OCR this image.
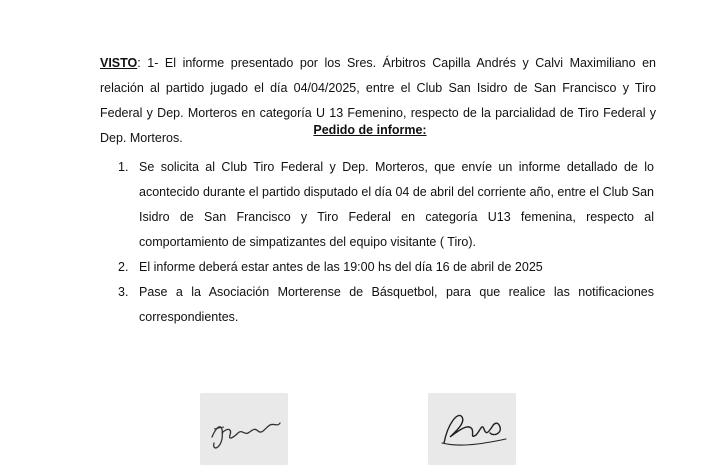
VISTO: 1- El informe presentado por los Sres. Árbitros Capilla Andrés y Calvi Maximiliano en relación al partido jugado el día 04/04/2025, entre el Club San Isidro de San Francisco y Tiro Federal y Dep. Morteros en categoría U 13 Femenino, respecto de la parcialidad de Tiro Federal y Dep. Morteros.

Pedido de informe:
1. Se solicita al Club Tiro Federal y Dep. Morteros, que envíe un informe detallado de lo acontecido durante el partido disputado el día 04 de abril del corriente año, entre el Club San Isidro de San Francisco y Tiro Federal en categoría U13 femenina, respecto al comportamiento de simpatizantes del equipo visitante ( Tiro).
2. El informe deberá estar antes de las 19:00 hs del día 16 de abril de 2025
3. Pase a la Asociación Morterense de Básquetbol, para que realice las notificaciones correspondientes.
